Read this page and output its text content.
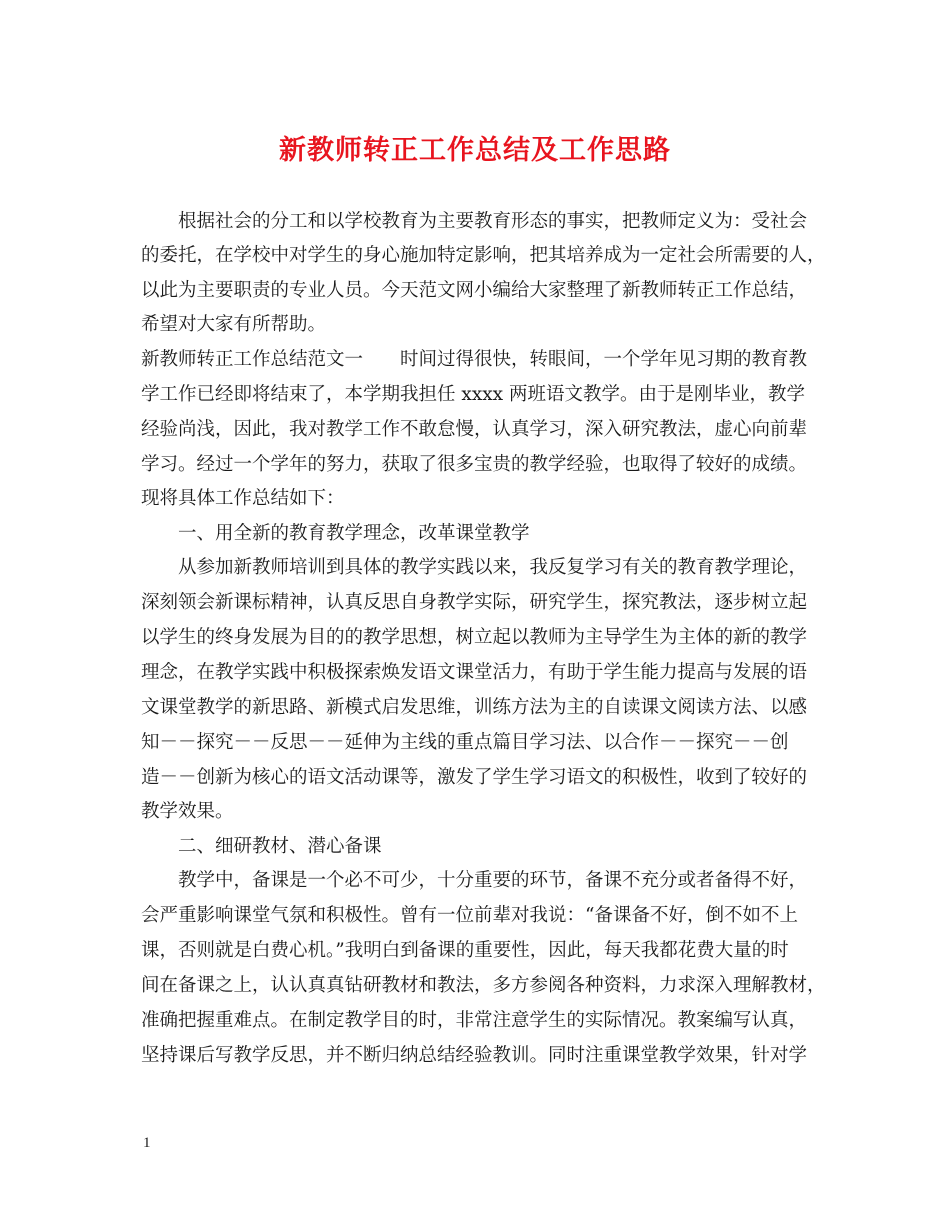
新教师转正工作总结及工作思路

　　根据社会的分工和以学校教育为主要教育形态的事实，把教师定义为：受社会

的委托，在学校中对学生的身心施加特定影响，把其培养成为一定社会所需要的人，

以此为主要职责的专业人员。今天范文网小编给大家整理了新教师转正工作总结，

希望对大家有所帮助。

新教师转正工作总结范文一　　时间过得很快，转眼间，一个学年见习期的教育教

学工作已经即将结束了，本学期我担任 xxxx 两班语文教学。由于是刚毕业，教学

经验尚浅，因此，我对教学工作不敢怠慢，认真学习，深入研究教法，虚心向前辈

学习。经过一个学年的努力，获取了很多宝贵的教学经验，也取得了较好的成绩。

现将具体工作总结如下：

　　一、用全新的教育教学理念，改革课堂教学

　　从参加新教师培训到具体的教学实践以来，我反复学习有关的教育教学理论，

深刻领会新课标精神，认真反思自身教学实际，研究学生，探究教法，逐步树立起

以学生的终身发展为目的的教学思想，树立起以教师为主导学生为主体的新的教学

理念，在教学实践中积极探索焕发语文课堂活力，有助于学生能力提高与发展的语

文课堂教学的新思路、新模式启发思维，训练方法为主的自读课文阅读方法、以感

知－－探究－－反思－－延伸为主线的重点篇目学习法、以合作－－探究－－创

造－－创新为核心的语文活动课等，激发了学生学习语文的积极性，收到了较好的

教学效果。

　　二、细研教材、潜心备课

　　教学中，备课是一个必不可少，十分重要的环节，备课不充分或者备得不好，

会严重影响课堂气氛和积极性。曾有一位前辈对我说：“备课备不好，倒不如不上

课，否则就是白费心机。”我明白到备课的重要性，因此，每天我都花费大量的时

间在备课之上，认认真真钻研教材和教法，多方参阅各种资料，力求深入理解教材，

准确把握重难点。在制定教学目的时，非常注意学生的实际情况。教案编写认真，

坚持课后写教学反思，并不断归纳总结经验教训。同时注重课堂教学效果，针对学

1
